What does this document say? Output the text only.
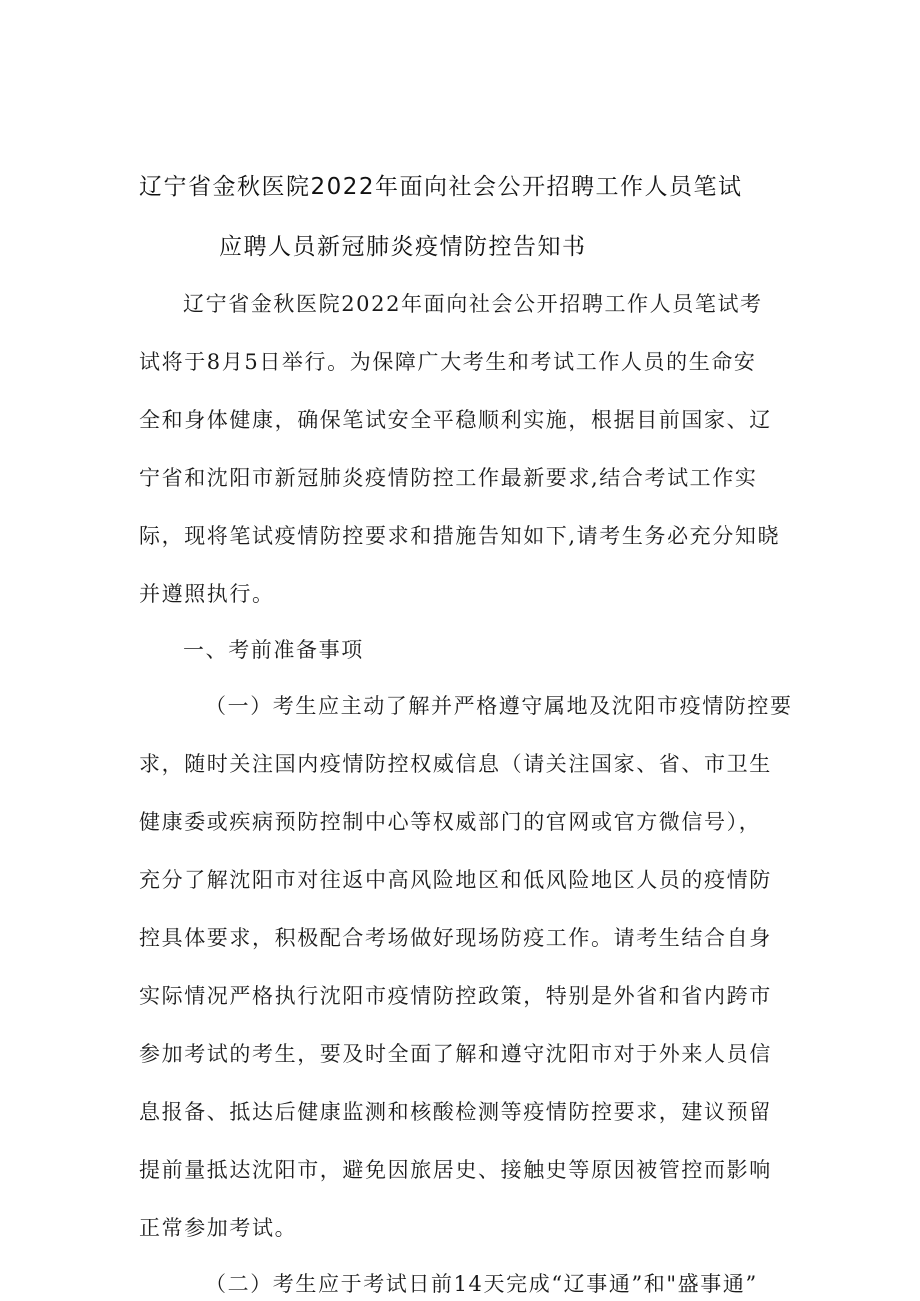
辽宁省金秋医院2022年面向社会公开招聘工作人员笔试
应聘人员新冠肺炎疫情防控告知书
辽宁省金秋医院2022年面向社会公开招聘工作人员笔试考
试将于8月5日举行。为保障广大考生和考试工作人员的生命安
全和身体健康，确保笔试安全平稳顺利实施，根据目前国家、辽
宁省和沈阳市新冠肺炎疫情防控工作最新要求,结合考试工作实
际，现将笔试疫情防控要求和措施告知如下,请考生务必充分知晓
并遵照执行。
一、考前准备事项
（一）考生应主动了解并严格遵守属地及沈阳市疫情防控要
求，随时关注国内疫情防控权威信息（请关注国家、省、市卫生
健康委或疾病预防控制中心等权威部门的官网或官方微信号），
充分了解沈阳市对往返中高风险地区和低风险地区人员的疫情防
控具体要求，积极配合考场做好现场防疫工作。请考生结合自身
实际情况严格执行沈阳市疫情防控政策，特别是外省和省内跨市
参加考试的考生，要及时全面了解和遵守沈阳市对于外来人员信
息报备、抵达后健康监测和核酸检测等疫情防控要求，建议预留
提前量抵达沈阳市，避免因旅居史、接触史等原因被管控而影响
正常参加考试。
（二）考生应于考试日前14天完成“辽事通”和"盛事通”
